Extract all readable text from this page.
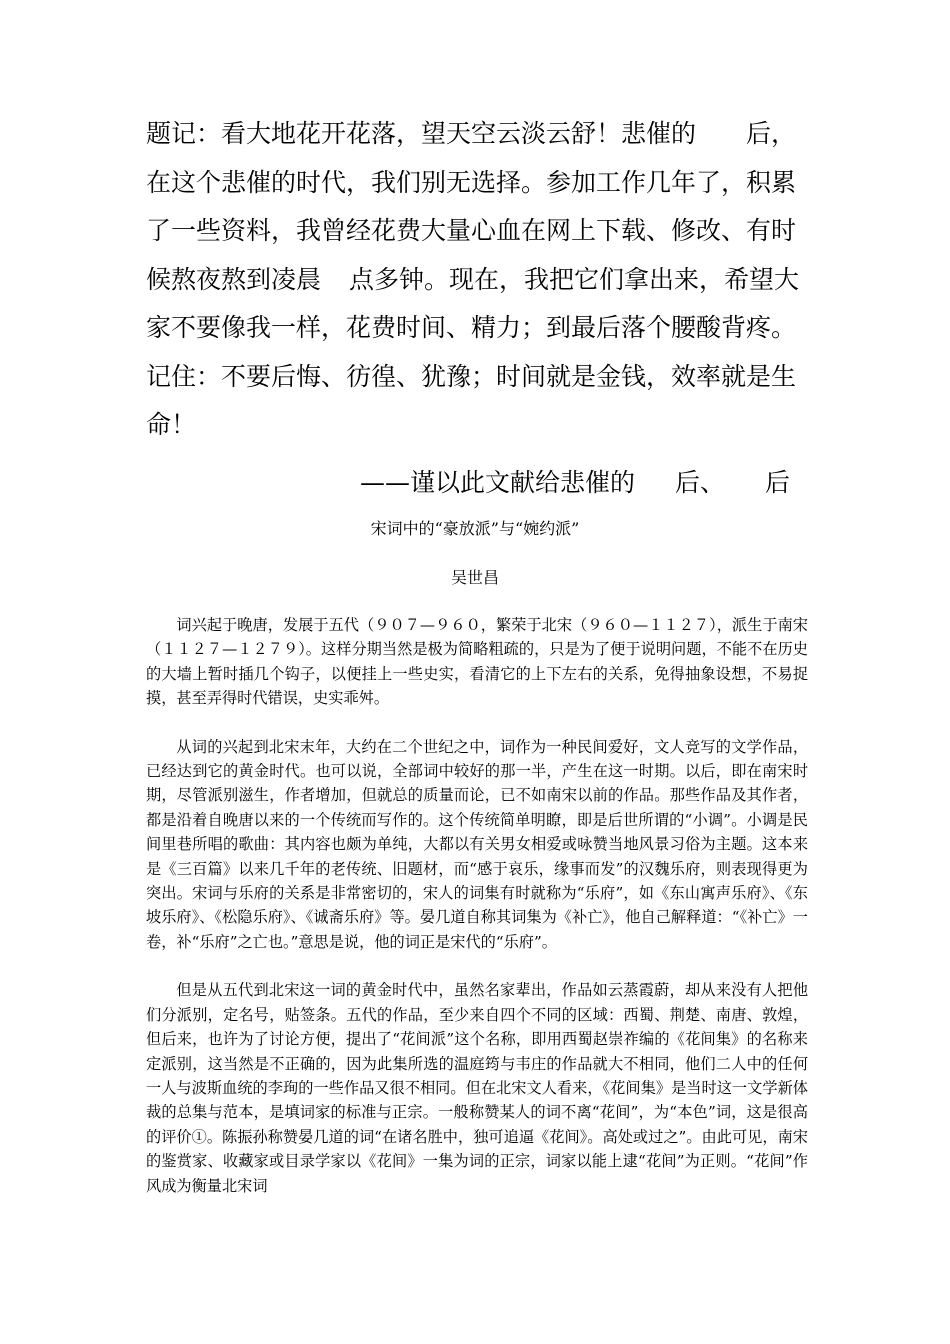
题记：看大地花开花落，望天空云淡云舒！悲催的 后，

在这个悲催的时代，我们别无选择。参加工作几年了，积累

了一些资料，我曾经花费大量心血在网上下载、修改、有时

候熬夜熬到凌晨 点多钟。现在，我把它们拿出来，希望大

家不要像我一样，花费时间、精力；到最后落个腰酸背疼。

记住：不要后悔、彷徨、犹豫；时间就是金钱，效率就是生

命！

——谨以此文献给悲催的 后、 后
宋词中的“豪放派”与“婉约派”
吴世昌

词兴起于晚唐，发展于五代（９０７—９６０，繁荣于北宋（９６０—１１２７），派生于南宋（１１２７—１２７９）。这样分期当然是极为简略粗疏的，只是为了便于说明问题，不能不在历史的大墙上暂时插几个钩子，以便挂上一些史实，看清它的上下左右的关系，免得抽象设想，不易捉摸，甚至弄得时代错误，史实乖舛。

从词的兴起到北宋末年，大约在二个世纪之中，词作为一种民间爱好，文人竞写的文学作品，已经达到它的黄金时代。也可以说，全部词中较好的那一半，产生在这一时期。以后，即在南宋时期，尽管派别滋生，作者增加，但就总的质量而论，已不如南宋以前的作品。那些作品及其作者，都是沿着自晚唐以来的一个传统而写作的。这个传统简单明瞭，即是后世所谓的“小调”。小调是民间里巷所唱的歌曲：其内容也颇为单纯，大都以有关男女相爱或咏赞当地风景习俗为主题。这本来是《三百篇》以来几千年的老传统、旧题材，而“感于哀乐，缘事而发”的汉魏乐府，则表现得更为突出。宋词与乐府的关系是非常密切的，宋人的词集有时就称为“乐府”，如《东山寓声乐府》、《东坡乐府》、《松隐乐府》、《诚斋乐府》等。晏几道自称其词集为《补亡》，他自己解释道：“《补亡》一卷，补“乐府”之亡也。”意思是说，他的词正是宋代的“乐府”。

但是从五代到北宋这一词的黄金时代中，虽然名家辈出，作品如云蒸霞蔚，却从来没有人把他们分派别，定名号，贴签条。五代的作品，至少来自四个不同的区域：西蜀、荆楚、南唐、敦煌，但后来，也许为了讨论方便，提出了“花间派”这个名称，即用西蜀赵崇祚编的《花间集》的名称来定派别，这当然是不正确的，因为此集所选的温庭筠与韦庄的作品就大不相同，他们二人中的任何一人与波斯血统的李珣的一些作品又很不相同。但在北宋文人看来，《花间集》是当时这一文学新体裁的总集与范本，是填词家的标准与正宗。一般称赞某人的词不离“花间”，为“本色”词，这是很高的评价①。陈振孙称赞晏几道的词“在诸名胜中，独可追逼《花间》。高处或过之”。由此可见，南宋的鉴赏家、收藏家或目录学家以《花间》一集为词的正宗，词家以能上逮“花间”为正则。“花间”作风成为衡量北宋词
